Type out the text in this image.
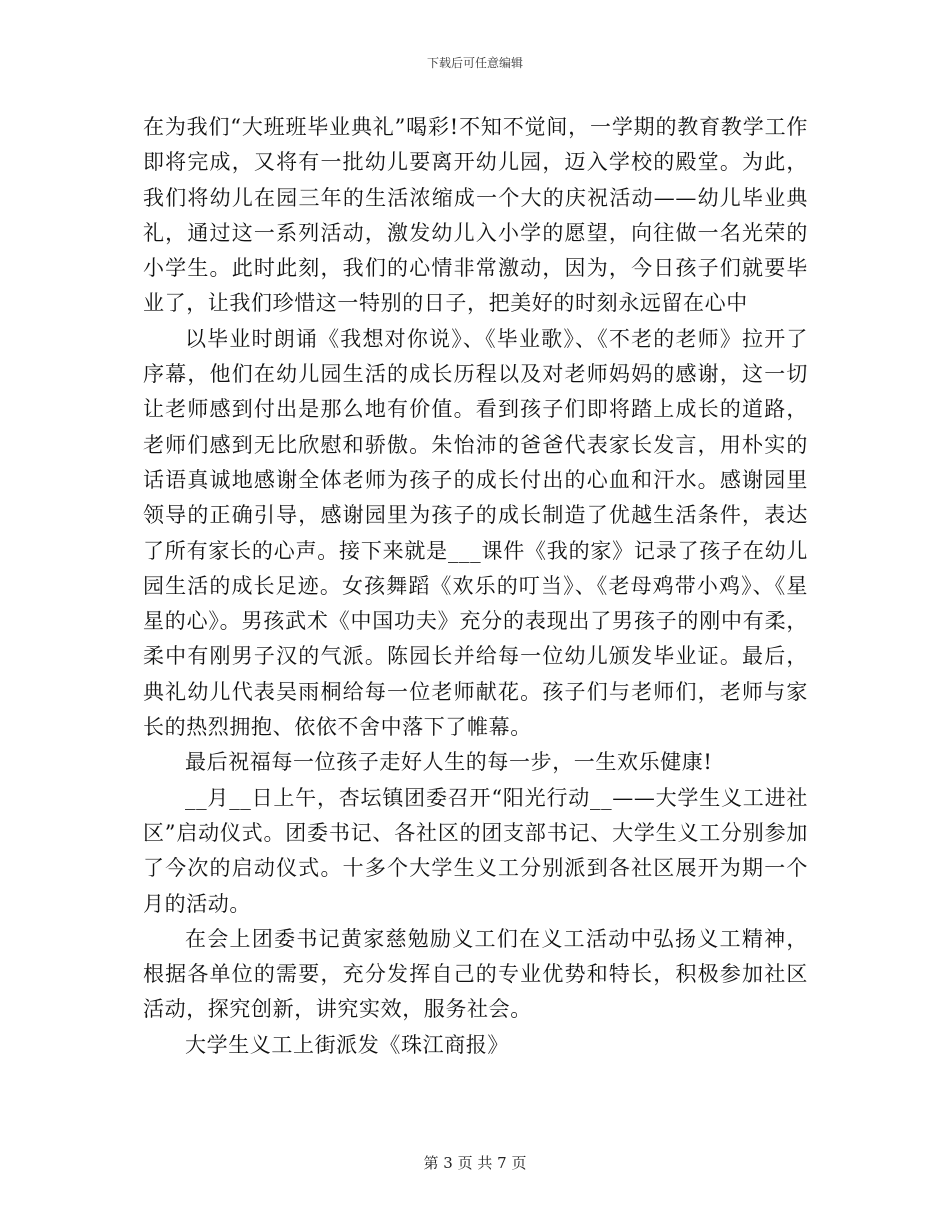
下载后可任意编辑

在为我们“大班班毕业典礼”喝彩!不知不觉间，一学期的教育教学工作即将完成，又将有一批幼儿要离开幼儿园，迈入学校的殿堂。为此，我们将幼儿在园三年的生活浓缩成一个大的庆祝活动——幼儿毕业典礼，通过这一系列活动，激发幼儿入小学的愿望，向往做一名光荣的小学生。此时此刻，我们的心情非常激动，因为，今日孩子们就要毕业了，让我们珍惜这一特别的日子，把美好的时刻永远留在心中

以毕业时朗诵《我想对你说》、《毕业歌》、《不老的老师》拉开了序幕，他们在幼儿园生活的成长历程以及对老师妈妈的感谢，这一切让老师感到付出是那么地有价值。看到孩子们即将踏上成长的道路，老师们感到无比欣慰和骄傲。朱怡沛的爸爸代表家长发言，用朴实的话语真诚地感谢全体老师为孩子的成长付出的心血和汗水。感谢园里领导的正确引导，感谢园里为孩子的成长制造了优越生活条件，表达了所有家长的心声。接下来就是___课件《我的家》记录了孩子在幼儿园生活的成长足迹。女孩舞蹈《欢乐的叮当》、《老母鸡带小鸡》、《星星的心》。男孩武术《中国功夫》充分的表现出了男孩子的刚中有柔，柔中有刚男子汉的气派。陈园长并给每一位幼儿颁发毕业证。最后，典礼幼儿代表吴雨桐给每一位老师献花。孩子们与老师们，老师与家长的热烈拥抱、依依不舍中落下了帷幕。

最后祝福每一位孩子走好人生的每一步，一生欢乐健康!

__月__日上午，杏坛镇团委召开“阳光行动__——大学生义工进社区”启动仪式。团委书记、各社区的团支部书记、大学生义工分别参加了今次的启动仪式。十多个大学生义工分别派到各社区展开为期一个月的活动。

在会上团委书记黄家慈勉励义工们在义工活动中弘扬义工精神，根据各单位的需要，充分发挥自己的专业优势和特长，积极参加社区活动，探究创新，讲究实效，服务社会。

大学生义工上街派发《珠江商报》

第 3 页 共 7 页
